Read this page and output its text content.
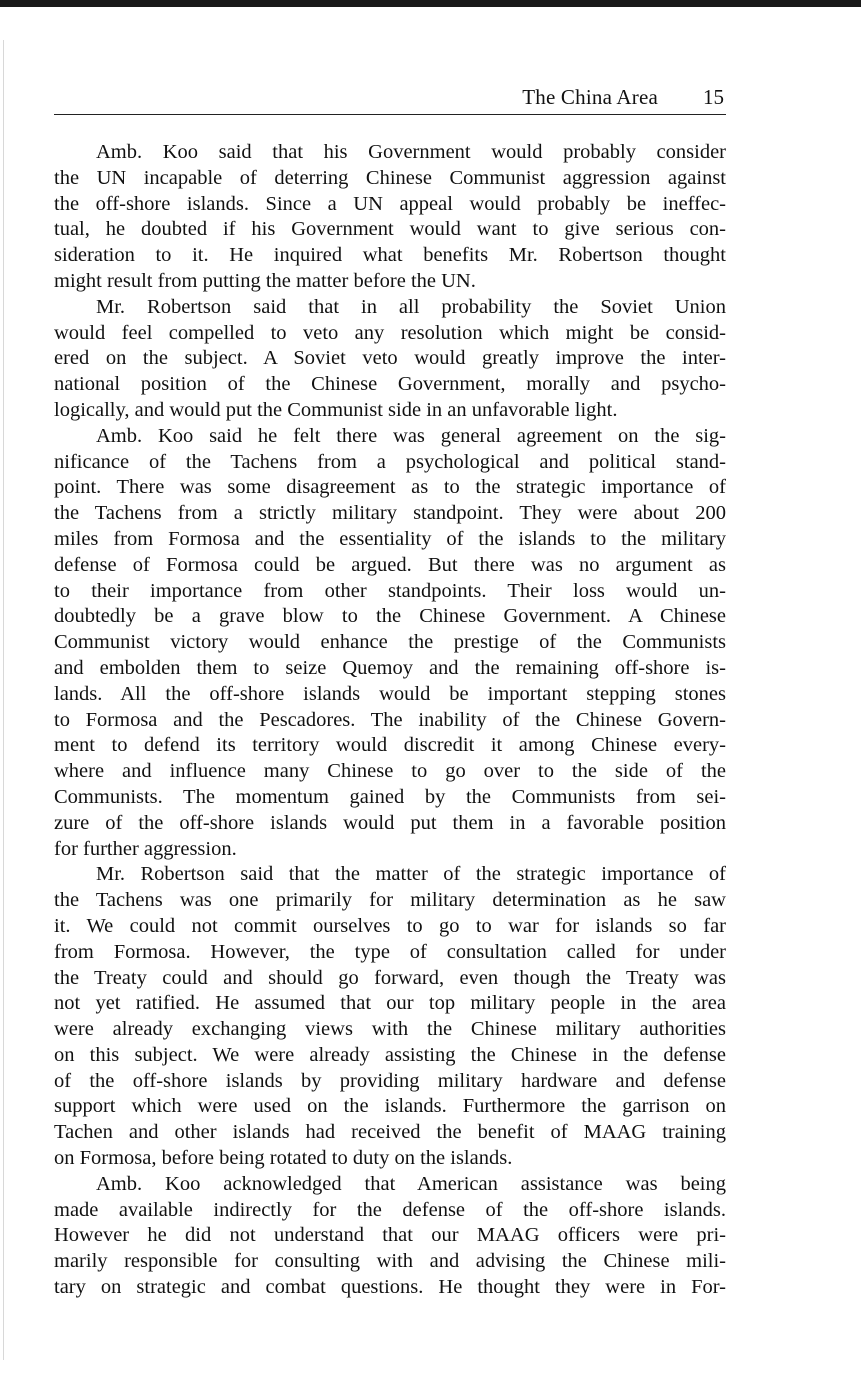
The China Area 15
Amb. Koo said that his Government would probably consider
the UN incapable of deterring Chinese Communist aggression against
the off-shore islands. Since a UN appeal would probably be ineffec-
tual, he doubted if his Government would want to give serious con-
sideration to it. He inquired what benefits Mr. Robertson thought
might result from putting the matter before the UN.
Mr. Robertson said that in all probability the Soviet Union
would feel compelled to veto any resolution which might be consid-
ered on the subject. A Soviet veto would greatly improve the inter-
national position of the Chinese Government, morally and psycho-
logically, and would put the Communist side in an unfavorable light.
Amb. Koo said he felt there was general agreement on the sig-
nificance of the Tachens from a psychological and political stand-
point. There was some disagreement as to the strategic importance of
the Tachens from a strictly military standpoint. They were about 200
miles from Formosa and the essentiality of the islands to the military
defense of Formosa could be argued. But there was no argument as
to their importance from other standpoints. Their loss would un-
doubtedly be a grave blow to the Chinese Government. A Chinese
Communist victory would enhance the prestige of the Communists
and embolden them to seize Quemoy and the remaining off-shore is-
lands. All the off-shore islands would be important stepping stones
to Formosa and the Pescadores. The inability of the Chinese Govern-
ment to defend its territory would discredit it among Chinese every-
where and influence many Chinese to go over to the side of the
Communists. The momentum gained by the Communists from sei-
zure of the off-shore islands would put them in a favorable position
for further aggression.
Mr. Robertson said that the matter of the strategic importance of
the Tachens was one primarily for military determination as he saw
it. We could not commit ourselves to go to war for islands so far
from Formosa. However, the type of consultation called for under
the Treaty could and should go forward, even though the Treaty was
not yet ratified. He assumed that our top military people in the area
were already exchanging views with the Chinese military authorities
on this subject. We were already assisting the Chinese in the defense
of the off-shore islands by providing military hardware and defense
support which were used on the islands. Furthermore the garrison on
Tachen and other islands had received the benefit of MAAG training
on Formosa, before being rotated to duty on the islands.
Amb. Koo acknowledged that American assistance was being
made available indirectly for the defense of the off-shore islands.
However he did not understand that our MAAG officers were pri-
marily responsible for consulting with and advising the Chinese mili-
tary on strategic and combat questions. He thought they were in For-
